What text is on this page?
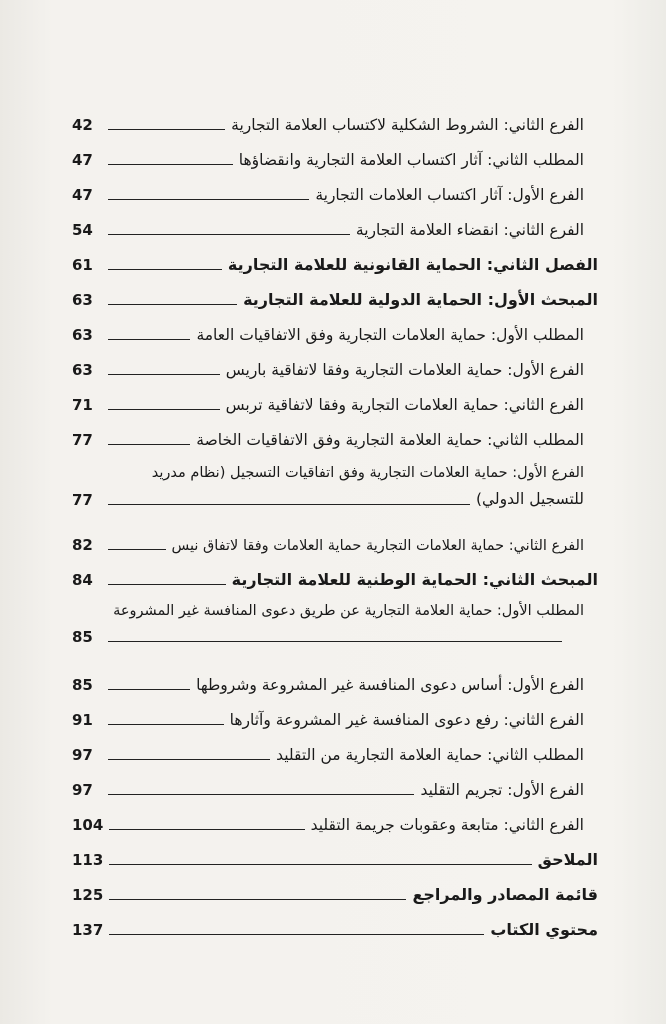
الفرع الثاني: الشروط الشكلية لاكتساب العلامة التجارية
42
المطلب الثاني: آثار اكتساب العلامة التجارية وانقضاؤها
47
الفرع الأول: آثار اكتساب العلامات التجارية
47
الفرع الثاني: انقضاء العلامة التجارية
54
الفصل الثاني: الحماية القانونية للعلامة التجارية
61
المبحث الأول: الحماية الدولية للعلامة التجارية
63
المطلب الأول: حماية العلامات التجارية وفق الاتفاقيات العامة
63
الفرع الأول: حماية العلامات التجارية وفقا لاتفاقية باريس
63
الفرع الثاني: حماية العلامات التجارية وفقا لاتفاقية تربس
71
المطلب الثاني: حماية العلامة التجارية وفق الاتفاقيات الخاصة
77
الفرع الأول: حماية العلامات التجارية وفق اتفاقيات التسجيل (نظام مدريد
للتسجيل الدولي)
77
الفرع الثاني: حماية العلامات التجارية حماية العلامات وفقا لاتفاق نيس
82
المبحث الثاني: الحماية الوطنية للعلامة التجارية
84
المطلب الأول: حماية العلامة التجارية عن طريق دعوى المنافسة غير المشروعة
85
الفرع الأول: أساس دعوى المنافسة غير المشروعة وشروطها
85
الفرع الثاني: رفع دعوى المنافسة غير المشروعة وآثارها
91
المطلب الثاني: حماية العلامة التجارية من التقليد
97
الفرع الأول: تجريم التقليد
97
الفرع الثاني: متابعة وعقوبات جريمة التقليد
104
الملاحق
113
قائمة المصادر والمراجع
125
محتوي الكتاب
137
